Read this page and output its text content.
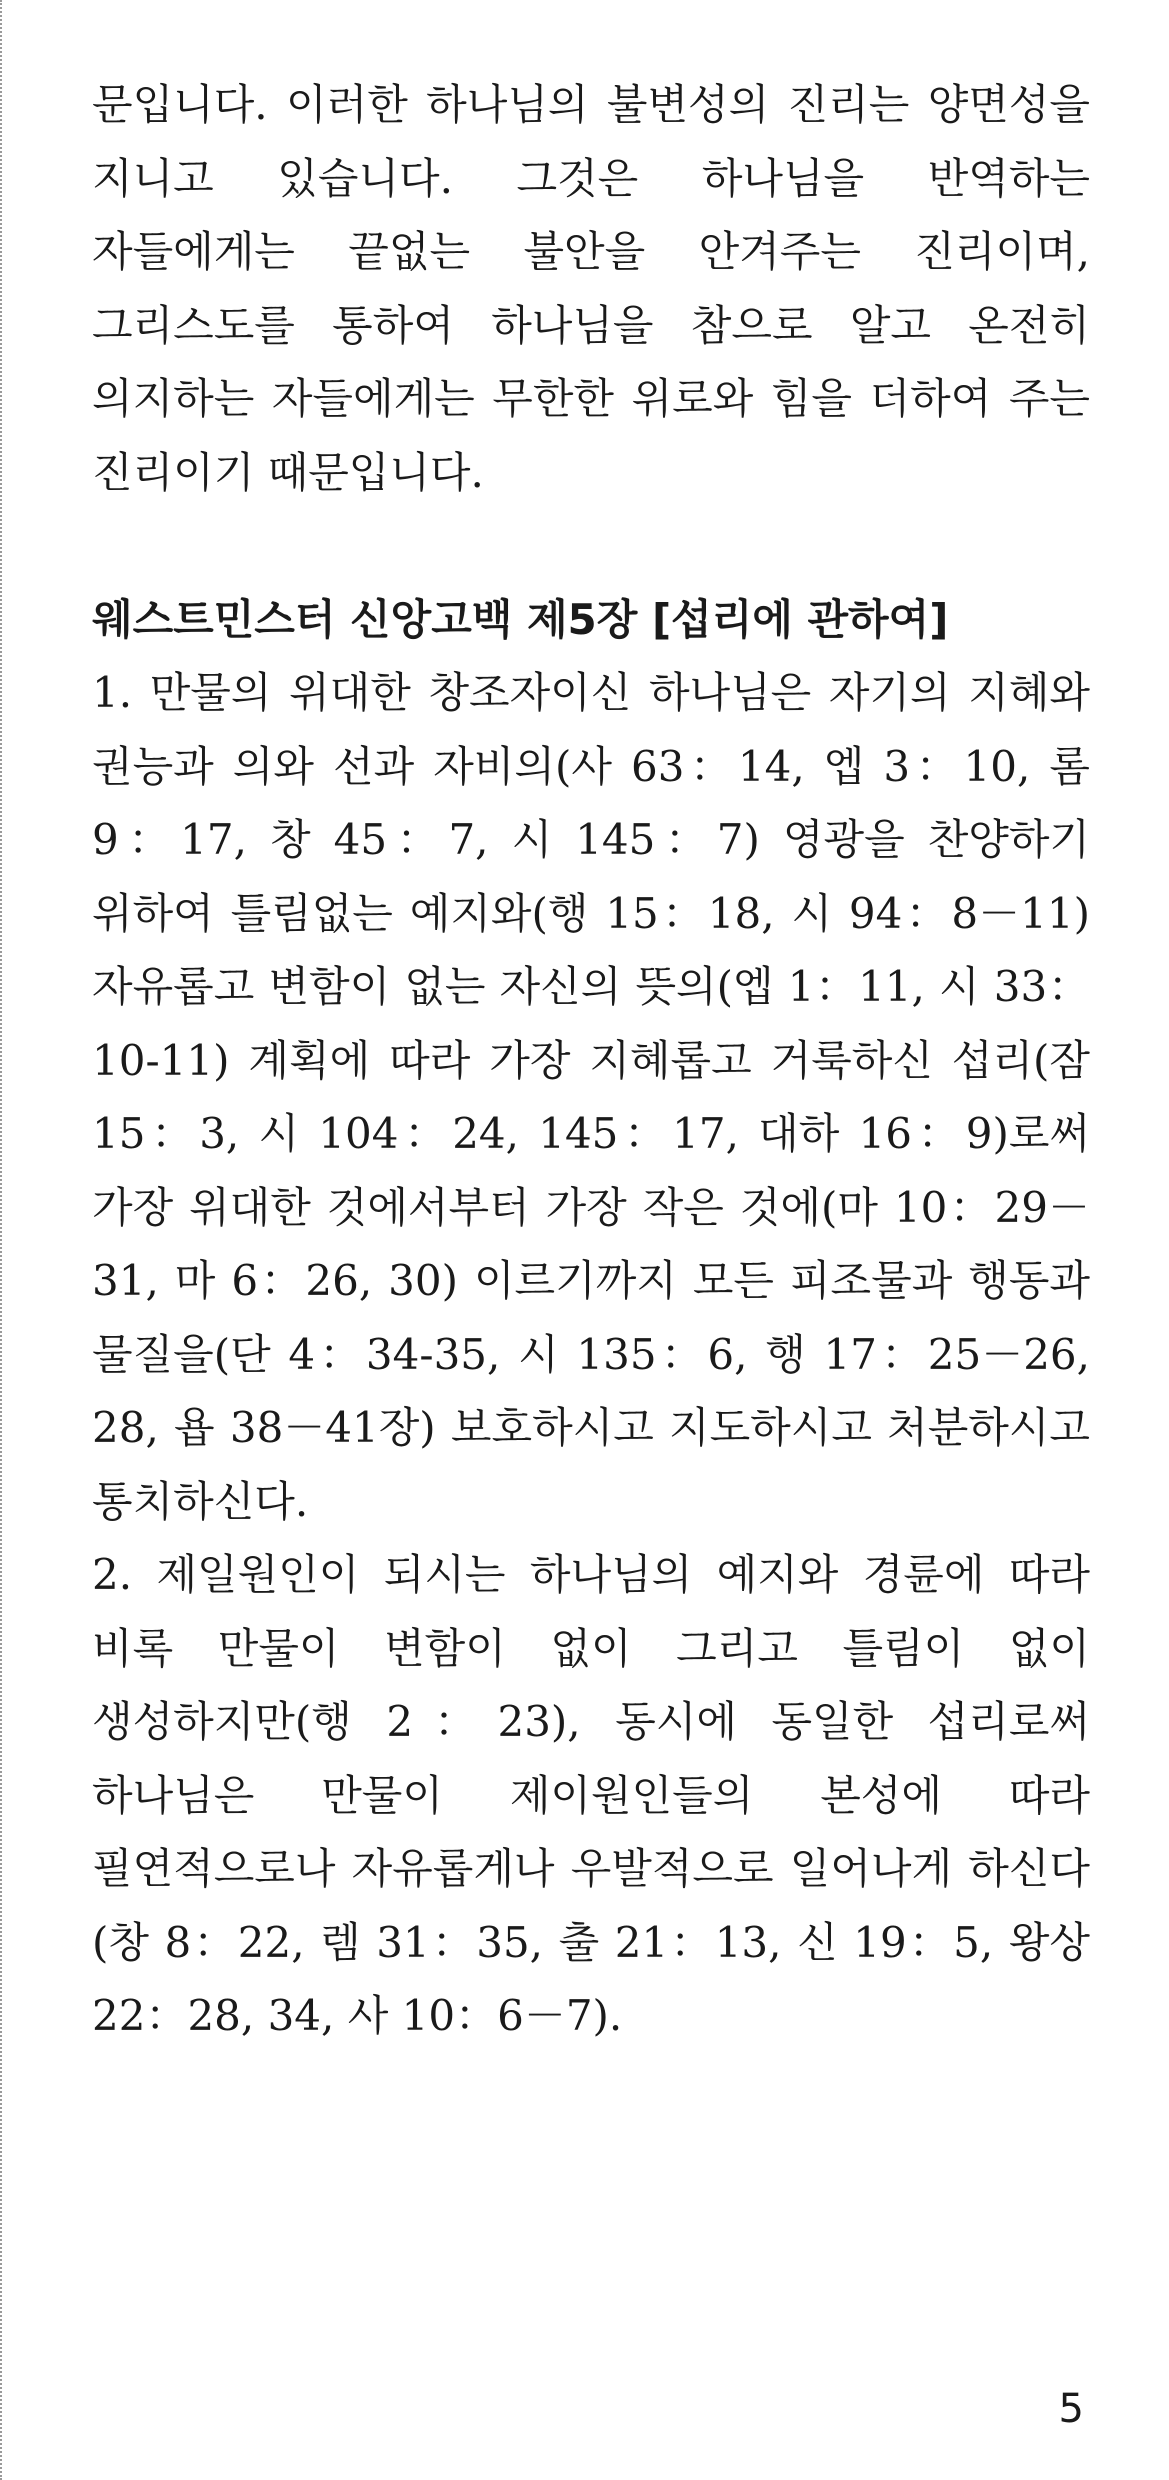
문입니다. 이러한 하나님의 불변성의 진리는 양면성을 지니고 있습니다. 그것은 하나님을 반역하는 자들에게는 끝없는 불안을 안겨주는 진리이며, 그리스도를 통하여 하나님을 참으로 알고 온전히 의지하는 자들에게는 무한한 위로와 힘을 더하여 주는 진리이기 때문입니다.

웨스트민스터 신앙고백 제5장 [섭리에 관하여]

1. 만물의 위대한 창조자이신 하나님은 자기의 지혜와 권능과 의와 선과 자비의(사 63：14, 엡 3：10, 롬 9：17, 창 45：7, 시 145：7) 영광을 찬양하기 위하여 틀림없는 예지와(행 15：18, 시 94：8－11) 자유롭고 변함이 없는 자신의 뜻의(엡 1：11, 시 33：10-11) 계획에 따라 가장 지혜롭고 거룩하신 섭리(잠 15：3, 시 104：24, 145：17, 대하 16：9)로써 가장 위대한 것에서부터 가장 작은 것에(마 10：29－31, 마 6：26, 30) 이르기까지 모든 피조물과 행동과 물질을(단 4：34-35, 시 135：6, 행 17：25－26, 28, 욥 38－41장) 보호하시고 지도하시고 처분하시고 통치하신다.

2. 제일원인이 되시는 하나님의 예지와 경륜에 따라 비록 만물이 변함이 없이 그리고 틀림이 없이 생성하지만(행 2：23), 동시에 동일한 섭리로써 하나님은 만물이 제이원인들의 본성에 따라 필연적으로나 자유롭게나 우발적으로 일어나게 하신다(창 8：22, 렘 31：35, 출 21：13, 신 19：5, 왕상 22：28, 34, 사 10：6－7).

5
